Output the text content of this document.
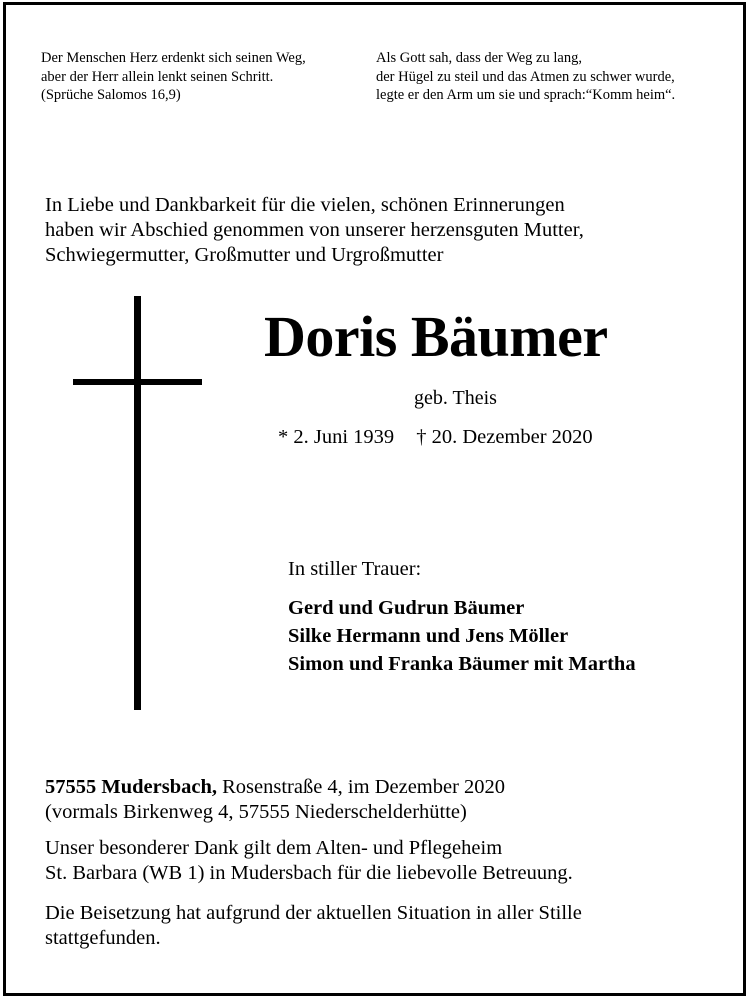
Der Menschen Herz erdenkt sich seinen Weg,
aber der Herr allein lenkt seinen Schritt.
(Sprüche Salomos 16,9)
Als Gott sah, dass der Weg zu lang,
der Hügel zu steil und das Atmen zu schwer wurde,
legte er den Arm um sie und sprach:“Komm heim“.
In Liebe und Dankbarkeit für die vielen, schönen Erinnerungen
haben wir Abschied genommen von unserer herzensguten Mutter,
Schwiegermutter, Großmutter und Urgroßmutter
Doris Bäumer
geb. Theis
* 2. Juni 1939 † 20. Dezember 2020
In stiller Trauer:
Gerd und Gudrun Bäumer
Silke Hermann und Jens Möller
Simon und Franka Bäumer mit Martha
57555 Mudersbach, Rosenstraße 4, im Dezember 2020
(vormals Birkenweg 4, 57555 Niederschelderhütte)
Unser besonderer Dank gilt dem Alten- und Pflegeheim
St. Barbara (WB 1) in Mudersbach für die liebevolle Betreuung.
Die Beisetzung hat aufgrund der aktuellen Situation in aller Stille
stattgefunden.
